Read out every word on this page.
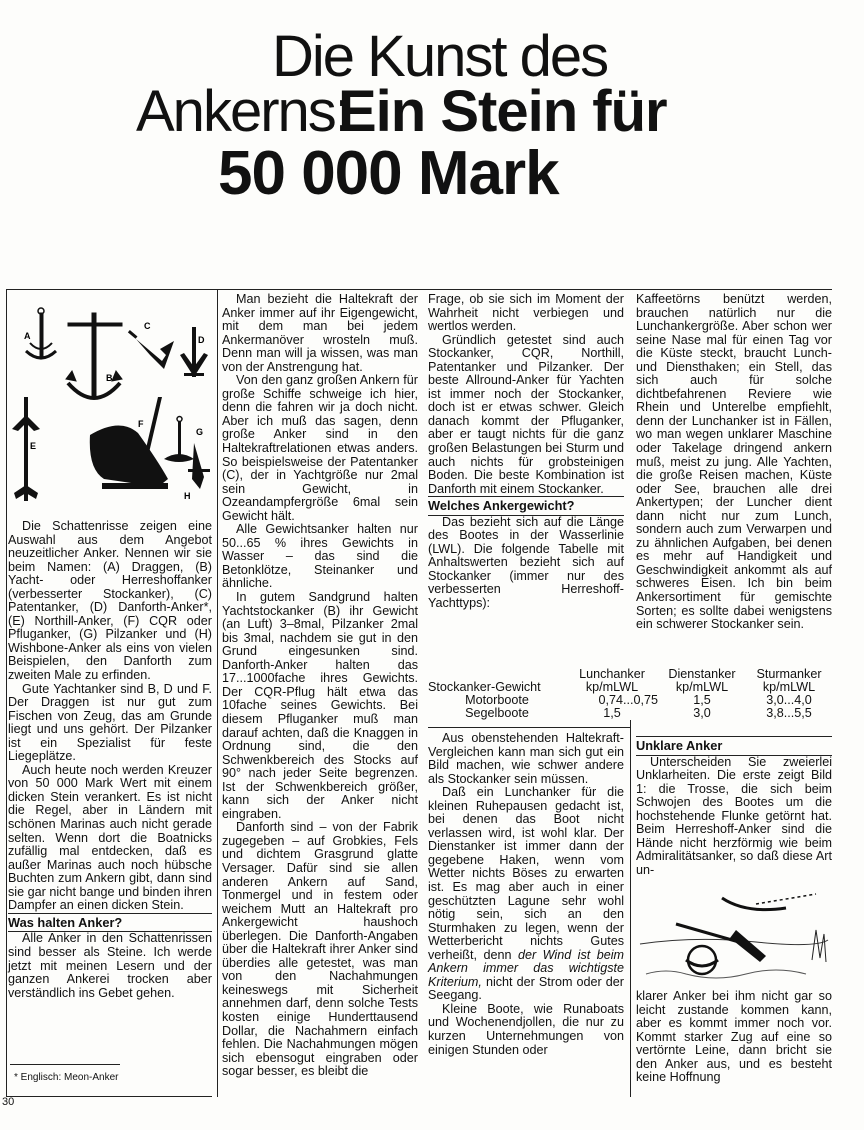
Die Kunst des
Ankerns:
Ein Stein für
50 000 Mark
A
B
C
D
E
F
G
H

Die Schattenrisse zeigen eine Auswahl aus dem Angebot neuzeitlicher Anker. Nennen wir sie beim Namen: (A) Draggen, (B) Yacht- oder Herreshoffanker (verbesserter Stockanker), (C) Patentanker, (D) Danforth-Anker*, (E) Northill-Anker, (F) CQR oder Pfluganker, (G) Pilzanker und (H) Wishbone-Anker als eins von vielen Beispielen, den Danforth zum zweiten Male zu erfinden.

Gute Yachtanker sind B, D und F. Der Draggen ist nur gut zum Fischen von Zeug, das am Grunde liegt und uns gehört. Der Pilzanker ist ein Spezialist für feste Liegeplätze.

Auch heute noch werden Kreuzer von 50 000 Mark Wert mit einem dicken Stein verankert. Es ist nicht die Regel, aber in Ländern mit schönen Marinas auch nicht gerade selten. Wenn dort die Boatnicks zufällig mal entdecken, daß es außer Marinas auch noch hübsche Buchten zum Ankern gibt, dann sind sie gar nicht bange und binden ihren Dampfer an einen dicken Stein.

Was halten Anker?

Alle Anker in den Schattenrissen sind besser als Steine. Ich werde jetzt mit meinen Lesern und der ganzen Ankerei trocken aber verständlich ins Gebet gehen.

* Englisch: Meon-Anker

Man bezieht die Haltekraft der Anker immer auf ihr Eigengewicht, mit dem man bei jedem Ankermanöver wrosteln muß. Denn man will ja wissen, was man von der Anstrengung hat.

Von den ganz großen Ankern für große Schiffe schweige ich hier, denn die fahren wir ja doch nicht. Aber ich muß das sagen, denn große Anker sind in den Haltekraftrelationen etwas anders. So beispielsweise der Patentanker (C), der in Yachtgröße nur 2mal sein Gewicht, in Ozeandampfergröße 6mal sein Gewicht hält.

Alle Gewichtsanker halten nur 50...65 % ihres Gewichts in Wasser – das sind die Betonklötze, Steinanker und ähnliche.

In gutem Sandgrund halten Yachtstockanker (B) ihr Gewicht (an Luft) 3–8mal, Pilzanker 2mal bis 3mal, nachdem sie gut in den Grund eingesunken sind. Danforth-Anker halten das 17...1000fache ihres Gewichts. Der CQR-Pflug hält etwa das 10fache seines Gewichts. Bei diesem Pfluganker muß man darauf achten, daß die Knaggen in Ordnung sind, die den Schwenkbereich des Stocks auf 90° nach jeder Seite begrenzen. Ist der Schwenkbereich größer, kann sich der Anker nicht eingraben.

Danforth sind – von der Fabrik zugegeben – auf Grobkies, Fels und dichtem Grasgrund glatte Versager. Dafür sind sie allen anderen Ankern auf Sand, Tonmergel und in festem oder weichem Mutt an Haltekraft pro Ankergewicht haushoch überlegen. Die Danforth-Angaben über die Haltekraft ihrer Anker sind überdies alle getestet, was man von den Nachahmungen keineswegs mit Sicherheit annehmen darf, denn solche Tests kosten einige Hunderttausend Dollar, die Nachahmern einfach fehlen. Die Nachahmungen mögen sich ebensogut eingraben oder sogar besser, es bleibt die

Frage, ob sie sich im Moment der Wahrheit nicht verbiegen und wertlos werden.

Gründlich getestet sind auch Stockanker, CQR, Northill, Patentanker und Pilzanker. Der beste Allround-Anker für Yachten ist immer noch der Stockanker, doch ist er etwas schwer. Gleich danach kommt der Pfluganker, aber er taugt nichts für die ganz großen Belastungen bei Sturm und auch nichts für grobsteinigen Boden. Die beste Kombination ist Danforth mit einem Stockanker.

Welches Ankergewicht?

Das bezieht sich auf die Länge des Bootes in der Wasserlinie (LWL). Die folgende Tabelle mit Anhaltswerten bezieht sich auf Stockanker (immer nur des verbesserten Herreshoff-Yachttyps):

Stockanker-Gewicht	Lunchanker kp/mLWL	Dienstanker kp/mLWL	Sturmanker kp/mLWL
Motorboote	0,74...0,75	1,5	3,0...4,0
Segelboote	1,5	3,0	3,8...5,5

Aus obenstehenden Haltekraft-Vergleichen kann man sich gut ein Bild machen, wie schwer andere als Stockanker sein müssen.

Daß ein Lunchanker für die kleinen Ruhepausen gedacht ist, bei denen das Boot nicht verlassen wird, ist wohl klar. Der Dienstanker ist immer dann der gegebene Haken, wenn vom Wetter nichts Böses zu erwarten ist. Es mag aber auch in einer geschützten Lagune sehr wohl nötig sein, sich an den Sturmhaken zu legen, wenn der Wetterbericht nichts Gutes verheißt, denn der Wind ist beim Ankern immer das wichtigste Kriterium, nicht der Strom oder der Seegang.

Kleine Boote, wie Runaboats und Wochenendjollen, die nur zu kurzen Unternehmungen von einigen Stunden oder

Kaffeetörns benützt werden, brauchen natürlich nur die Lunchankergröße. Aber schon wer seine Nase mal für einen Tag vor die Küste steckt, braucht Lunch- und Diensthaken; ein Stell, das sich auch für solche dichtbefahrenen Reviere wie Rhein und Unterelbe empfiehlt, denn der Lunchanker ist in Fällen, wo man wegen unklarer Maschine oder Takelage dringend ankern muß, meist zu jung. Alle Yachten, die große Reisen machen, Küste oder See, brauchen alle drei Ankertypen; der Luncher dient dann nicht nur zum Lunch, sondern auch zum Verwarpen und zu ähnlichen Aufgaben, bei denen es mehr auf Handigkeit und Geschwindigkeit ankommt als auf schweres Eisen. Ich bin beim Ankersortiment für gemischte Sorten; es sollte dabei wenigstens ein schwerer Stockanker sein.

Unklare Anker

Unterscheiden Sie zweierlei Unklarheiten. Die erste zeigt Bild 1: die Trosse, die sich beim Schwojen des Bootes um die hochstehende Flunke getörnt hat. Beim Herreshoff-Anker sind die Hände nicht herzförmig wie beim Admiralitätsanker, so daß diese Art un-

klarer Anker bei ihm nicht gar so leicht zustande kommen kann, aber es kommt immer noch vor. Kommt starker Zug auf eine so vertörnte Leine, dann bricht sie den Anker aus, und es besteht keine Hoffnung

30
